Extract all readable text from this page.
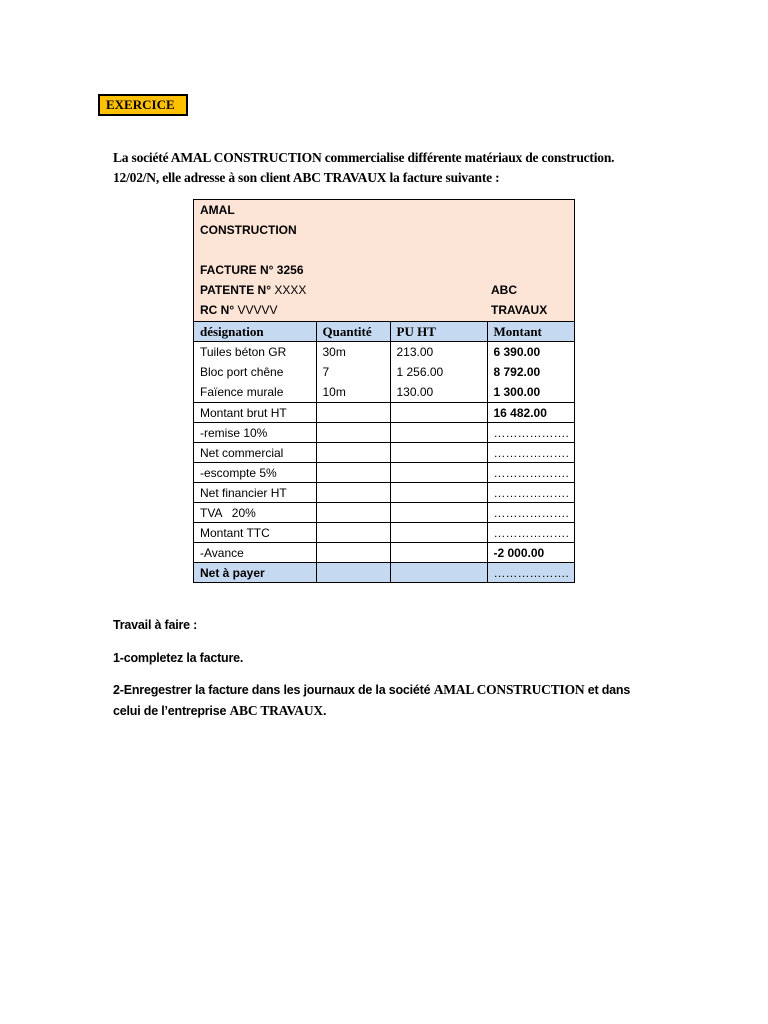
EXERCICE
La société AMAL CONSTRUCTION commercialise différente matériaux de construction.
12/02/N, elle adresse à son client ABC TRAVAUX la facture suivante :
AMAL
CONSTRUCTION
FACTURE N° 3256
PATENTE N° XXXX
RC N° VVVVV
ABC
TRAVAUX
désignation	Quantité	PU HT	Montant
Tuiles béton GR	30m	213.00	6 390.00
Bloc port chêne	7	1 256.00	8 792.00
Faïence murale	10m	130.00	1 300.00
Montant brut HT			16 482.00
-remise 10%			……………….
Net commercial			……………….
-escompte 5%			……………….
Net financier HT			……………….
TVA   20%			……………….
Montant TTC			……………….
-Avance			-2 000.00
Net à payer			……………….
Travail à faire :
1-completez la facture.
2-Enregestrer la facture dans les journaux de la société AMAL CONSTRUCTION et dans
celui de l’entreprise ABC TRAVAUX.
